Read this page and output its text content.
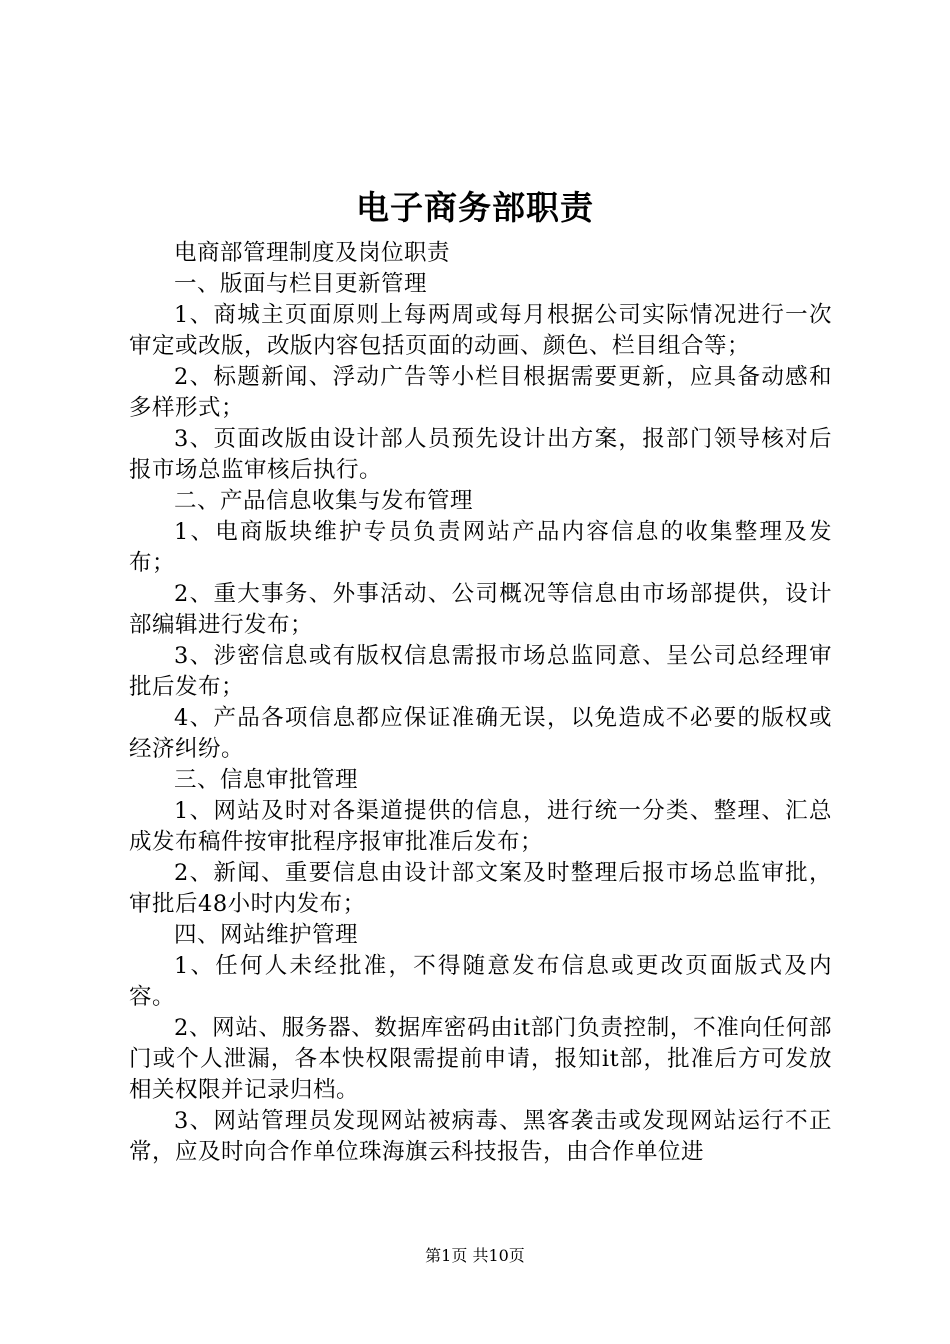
电子商务部职责

电商部管理制度及岗位职责

一、版面与栏目更新管理

1、商城主页面原则上每两周或每月根据公司实际情况进行一次审定或改版，改版内容包括页面的动画、颜色、栏目组合等；

2、标题新闻、浮动广告等小栏目根据需要更新，应具备动感和多样形式；

3、页面改版由设计部人员预先设计出方案，报部门领导核对后报市场总监审核后执行。

二、产品信息收集与发布管理

1、电商版块维护专员负责网站产品内容信息的收集整理及发布；

2、重大事务、外事活动、公司概况等信息由市场部提供，设计部编辑进行发布；

3、涉密信息或有版权信息需报市场总监同意、呈公司总经理审批后发布；

4、产品各项信息都应保证准确无误，以免造成不必要的版权或经济纠纷。

三、信息审批管理

1、网站及时对各渠道提供的信息，进行统一分类、整理、汇总成发布稿件按审批程序报审批准后发布；

2、新闻、重要信息由设计部文案及时整理后报市场总监审批，审批后48小时内发布；

四、网站维护管理

1、任何人未经批准，不得随意发布信息或更改页面版式及内容。

2、网站、服务器、数据库密码由it部门负责控制，不准向任何部门或个人泄漏，各本快权限需提前申请，报知it部，批准后方可发放相关权限并记录归档。

3、网站管理员发现网站被病毒、黑客袭击或发现网站运行不正常，应及时向合作单位珠海旗云科技报告，由合作单位进

第1页 共10页
